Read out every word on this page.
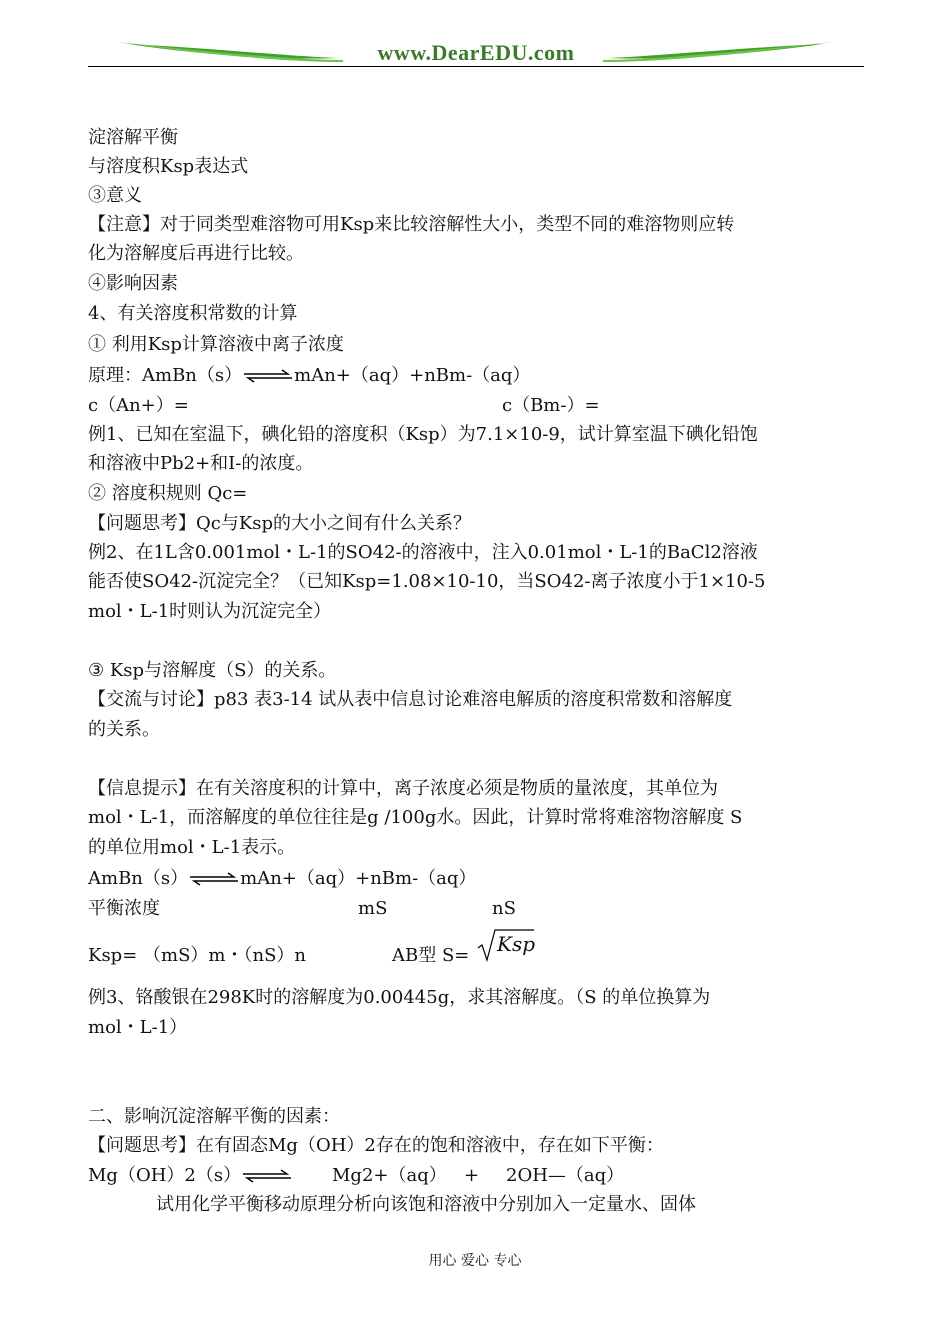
www.DearEDU.com
淀溶解平衡
与溶度积Ksp表达式
③意义
【注意】对于同类型难溶物可用Ksp来比较溶解性大小，类型不同的难溶物则应转
化为溶解度后再进行比较。
④影响因素
4、有关溶度积常数的计算
① 利用Ksp计算溶液中离子浓度
原理：AmBn（s）⇌mAn+（aq）+nBm-（aq）
c（An+）=	c（Bm-）=
例1、已知在室温下，碘化铅的溶度积（Ksp）为7.1×10-9，试计算室温下碘化铅饱
和溶液中Pb2+和I-的浓度。
② 溶度积规则 Qc=
【问题思考】Qc与Ksp的大小之间有什么关系？
例2、在1L含0.001mol・L-1的SO42-的溶液中，注入0.01mol・L-1的BaCl2溶液
能否使SO42-沉淀完全？（已知Ksp=1.08×10-10，当SO42-离子浓度小于1×10-5
mol・L-1时则认为沉淀完全）
③ Ksp与溶解度（S）的关系。
【交流与讨论】p83 表3-14 试从表中信息讨论难溶电解质的溶度积常数和溶解度
的关系。
【信息提示】在有关溶度积的计算中，离子浓度必须是物质的量浓度，其单位为
mol・L-1，而溶解度的单位往往是g /100g水。因此，计算时常将难溶物溶解度 S
的单位用mol・L-1表示。
AmBn（s）⇌mAn+（aq）+nBm-（aq）
平衡浓度	mS	nS
Ksp= （mS）m・（nS）n	AB型 S= Ksp
例3、铬酸银在298K时的溶解度为0.00445g，求其溶解度。（S 的单位换算为
mol・L-1）
二、影响沉淀溶解平衡的因素：
【问题思考】在有固态Mg（OH）2存在的饱和溶液中，存在如下平衡：
Mg（OH）2（s）⇌ Mg2+（aq） + 2OH—（aq）
试用化学平衡移动原理分析向该饱和溶液中分别加入一定量水、固体
用心 爱心 专心
